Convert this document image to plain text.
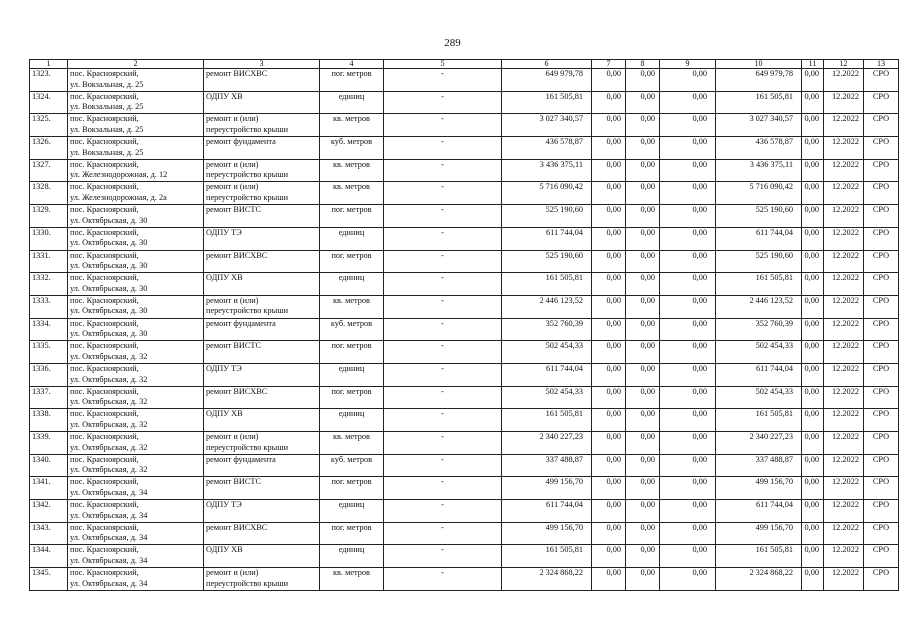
289
1	2	3	4	5	6	7	8	9	10	11	12	13
1323.	пос. Красноярский,
ул. Вокзальная, д. 25	ремонт ВИСХВС	пог. метров	-	649 979,78	0,00	0,00	0,00	649 979,78	0,00	12.2022	СРО
1324.	пос. Красноярский,
ул. Вокзальная, д. 25	ОДПУ ХВ	единиц	-	161 505,81	0,00	0,00	0,00	161 505,81	0,00	12.2022	СРО
1325.	пос. Красноярский,
ул. Вокзальная, д. 25	ремонт и (или)
переустройство крыши	кв. метров	-	3 027 340,57	0,00	0,00	0,00	3 027 340,57	0,00	12.2022	СРО
1326.	пос. Красноярский,
ул. Вокзальная, д. 25	ремонт фундамента	куб. метров	-	436 578,87	0,00	0,00	0,00	436 578,87	0,00	12.2022	СРО
1327.	пос. Красноярский,
ул. Железнодорожная, д. 12	ремонт и (или)
переустройство крыши	кв. метров	-	3 436 375,11	0,00	0,00	0,00	3 436 375,11	0,00	12.2022	СРО
1328.	пос. Красноярский,
ул. Железнодорожная, д. 2а	ремонт и (или)
переустройство крыши	кв. метров	-	5 716 090,42	0,00	0,00	0,00	5 716 090,42	0,00	12.2022	СРО
1329.	пос. Красноярский,
ул. Октябрьская, д. 30	ремонт ВИСТС	пог. метров	-	525 190,60	0,00	0,00	0,00	525 190,60	0,00	12.2022	СРО
1330.	пос. Красноярский,
ул. Октябрьская, д. 30	ОДПУ ТЭ	единиц	-	611 744,04	0,00	0,00	0,00	611 744,04	0,00	12.2022	СРО
1331.	пос. Красноярский,
ул. Октябрьская, д. 30	ремонт ВИСХВС	пог. метров	-	525 190,60	0,00	0,00	0,00	525 190,60	0,00	12.2022	СРО
1332.	пос. Красноярский,
ул. Октябрьская, д. 30	ОДПУ ХВ	единиц	-	161 505,81	0,00	0,00	0,00	161 505,81	0,00	12.2022	СРО
1333.	пос. Красноярский,
ул. Октябрьская, д. 30	ремонт и (или)
переустройство крыши	кв. метров	-	2 446 123,52	0,00	0,00	0,00	2 446 123,52	0,00	12.2022	СРО
1334.	пос. Красноярский,
ул. Октябрьская, д. 30	ремонт фундамента	куб. метров	-	352 760,39	0,00	0,00	0,00	352 760,39	0,00	12.2022	СРО
1335.	пос. Красноярский,
ул. Октябрьская, д. 32	ремонт ВИСТС	пог. метров	-	502 454,33	0,00	0,00	0,00	502 454,33	0,00	12.2022	СРО
1336.	пос. Красноярский,
ул. Октябрьская, д. 32	ОДПУ ТЭ	единиц	-	611 744,04	0,00	0,00	0,00	611 744,04	0,00	12.2022	СРО
1337.	пос. Красноярский,
ул. Октябрьская, д. 32	ремонт ВИСХВС	пог. метров	-	502 454,33	0,00	0,00	0,00	502 454,33	0,00	12.2022	СРО
1338.	пос. Красноярский,
ул. Октябрьская, д. 32	ОДПУ ХВ	единиц	-	161 505,81	0,00	0,00	0,00	161 505,81	0,00	12.2022	СРО
1339.	пос. Красноярский,
ул. Октябрьская, д. 32	ремонт и (или)
переустройство крыши	кв. метров	-	2 340 227,23	0,00	0,00	0,00	2 340 227,23	0,00	12.2022	СРО
1340.	пос. Красноярский,
ул. Октябрьская, д. 32	ремонт фундамента	куб. метров	-	337 488,87	0,00	0,00	0,00	337 488,87	0,00	12.2022	СРО
1341.	пос. Красноярский,
ул. Октябрьская, д. 34	ремонт ВИСТС	пог. метров	-	499 156,70	0,00	0,00	0,00	499 156,70	0,00	12.2022	СРО
1342.	пос. Красноярский,
ул. Октябрьская, д. 34	ОДПУ ТЭ	единиц	-	611 744,04	0,00	0,00	0,00	611 744,04	0,00	12.2022	СРО
1343.	пос. Красноярский,
ул. Октябрьская, д. 34	ремонт ВИСХВС	пог. метров	-	499 156,70	0,00	0,00	0,00	499 156,70	0,00	12.2022	СРО
1344.	пос. Красноярский,
ул. Октябрьская, д. 34	ОДПУ ХВ	единиц	-	161 505,81	0,00	0,00	0,00	161 505,81	0,00	12.2022	СРО
1345.	пос. Красноярский,
ул. Октябрьская, д. 34	ремонт и (или)
переустройство крыши	кв. метров	-	2 324 868,22	0,00	0,00	0,00	2 324 868,22	0,00	12.2022	СРО
